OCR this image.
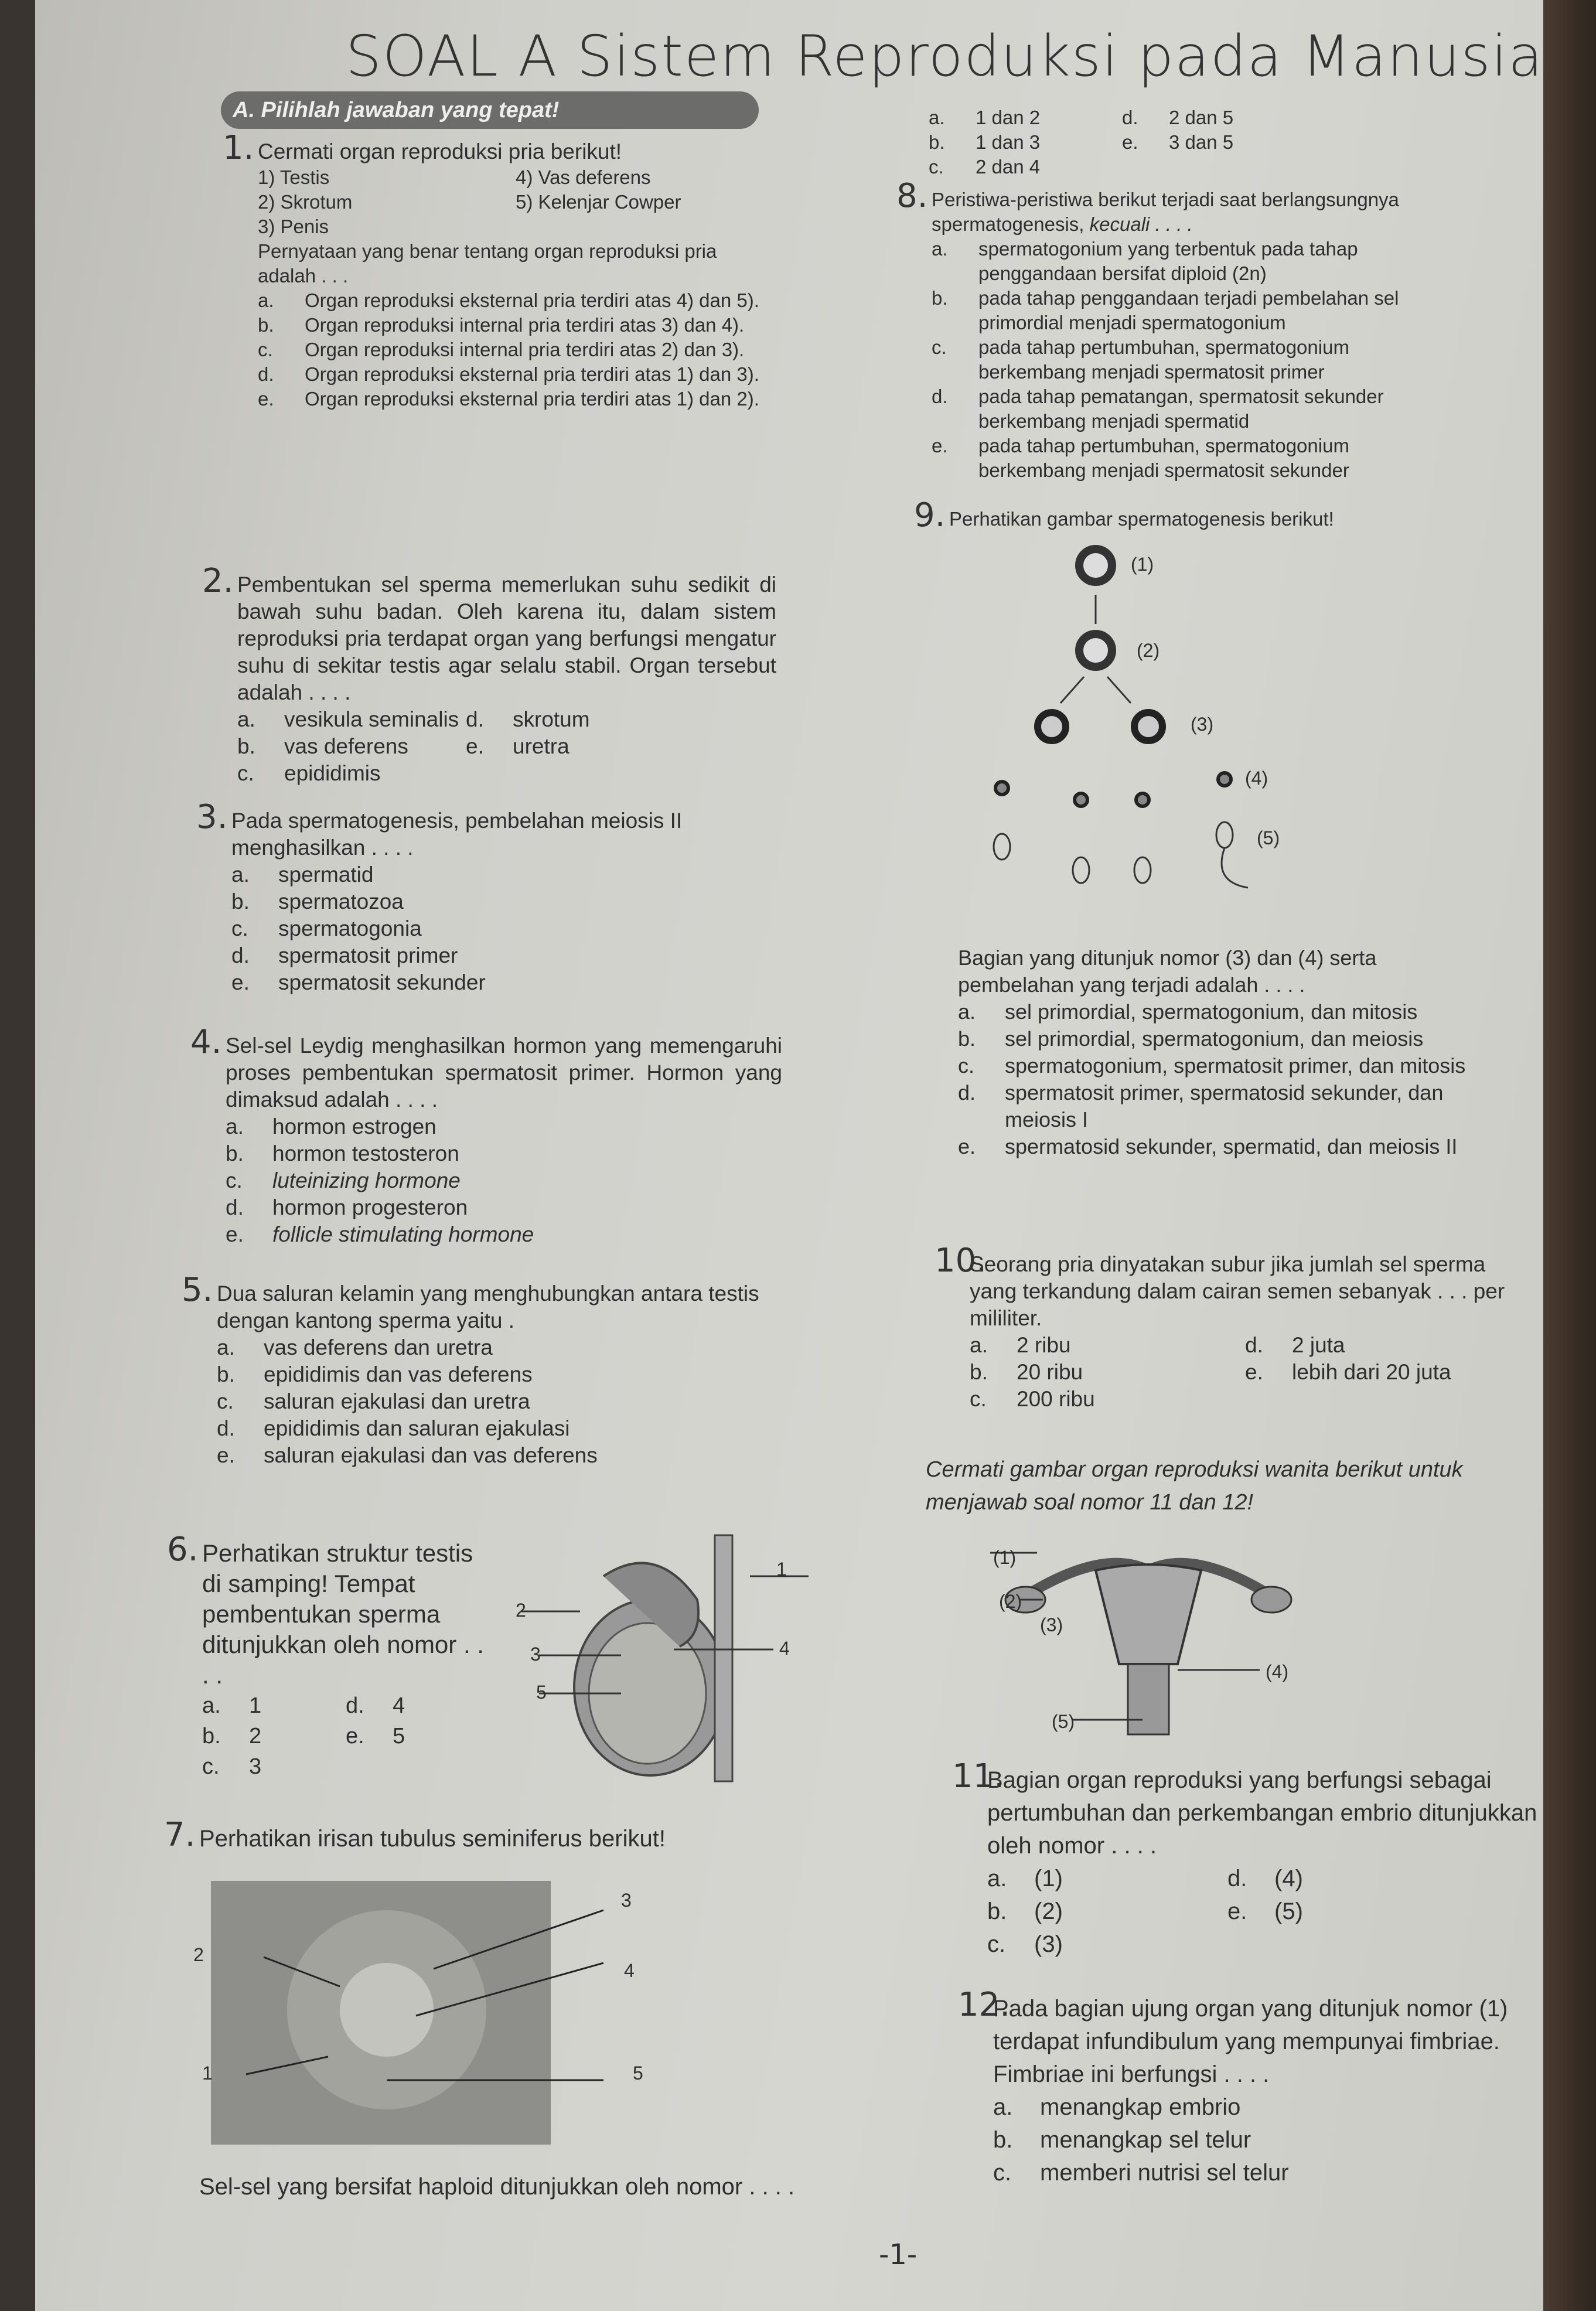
SOAL A Sistem Reproduksi pada Manusia
A. Pilihlah jawaban yang tepat!
1. Cermati organ reproduksi pria berikut!
1) Testis	4) Vas deferens
2) Skrotum	5) Kelenjar Cowper
3) Penis
Pernyataan yang benar tentang organ reproduksi pria adalah . . .
a.	Organ reproduksi eksternal pria terdiri atas 4) dan 5).
b.	Organ reproduksi internal pria terdiri atas 3) dan 4).
c.	Organ reproduksi internal pria terdiri atas 2) dan 3).
d.	Organ reproduksi eksternal pria terdiri atas 1) dan 3).
e.	Organ reproduksi eksternal pria terdiri atas 1) dan 2).
2. Pembentukan sel sperma memerlukan suhu sedikit di bawah suhu badan. Oleh karena itu, dalam sistem reproduksi pria terdapat organ yang berfungsi mengatur suhu di sekitar testis agar selalu stabil. Organ tersebut adalah . . . .
a.	vesikula seminalis d.	skrotum
b.	vas deferens	e.	uretra
c.	epididimis
3. Pada spermatogenesis, pembelahan meiosis II menghasilkan . . . .
a.	spermatid
b.	spermatozoa
c.	spermatogonia
d.	spermatosit primer
e.	spermatosit sekunder
4. Sel-sel Leydig menghasilkan hormon yang memengaruhi proses pembentukan spermatosit primer. Hormon yang dimaksud adalah . . . .
a.	hormon estrogen
b.	hormon testosteron
c.	luteinizing hormone
d.	hormon progesteron
e.	follicle stimulating hormone
5. Dua saluran kelamin yang menghubungkan antara testis dengan kantong sperma yaitu .
a.	vas deferens dan uretra
b.	epididimis dan vas deferens
c.	saluran ejakulasi dan uretra
d.	epididimis dan saluran ejakulasi
e.	saluran ejakulasi dan vas deferens
6. Perhatikan struktur testis di samping! Tempat pembentukan sperma ditunjukkan oleh nomor . . . .
a.	1	d.	4
b.	2	e.	5
c.	3
1
2
3	4
5
7. Perhatikan irisan tubulus seminiferus berikut!
2
1
3
4
5
Sel-sel yang bersifat haploid ditunjukkan oleh nomor . . . .
a.	1 dan 2	d.	2 dan 5
b.	1 dan 3	e.	3 dan 5
c.	2 dan 4
8. Peristiwa-peristiwa berikut terjadi saat berlangsungnya spermatogenesis, kecuali . . . .
a.	spermatogonium yang terbentuk pada tahap penggandaan bersifat diploid (2n)
b.	pada tahap penggandaan terjadi pembelahan sel primordial menjadi spermatogonium
c.	pada tahap pertumbuhan, spermatogonium berkembang menjadi spermatosit primer
d.	pada tahap pematangan, spermatosit sekunder berkembang menjadi spermatid
e.	pada tahap pertumbuhan, spermatogonium berkembang menjadi spermatosit sekunder
9. Perhatikan gambar spermatogenesis berikut!
(1)
(2)
(3)
(4)
(5)
Bagian yang ditunjuk nomor (3) dan (4) serta pembelahan yang terjadi adalah . . . .
a.	sel primordial, spermatogonium, dan mitosis
b.	sel primordial, spermatogonium, dan meiosis
c.	spermatogonium, spermatosit primer, dan mitosis
d.	spermatosit primer, spermatosid sekunder, dan meiosis I
e.	spermatosid sekunder, spermatid, dan meiosis II
10.
Seorang pria dinyatakan subur jika jumlah sel sperma yang terkandung dalam cairan semen sebanyak . . . per mililiter.
a.	2 ribu	d.	2 juta
b.	20 ribu	e.	lebih dari 20 juta
c.	200 ribu
Cermati gambar organ reproduksi wanita berikut untuk menjawab soal nomor 11 dan 12!
(1)
(2)
(3)
(4)
(5)
11.
Bagian organ reproduksi yang berfungsi sebagai pertumbuhan dan perkembangan embrio ditunjukkan oleh nomor . . . .
a.	(1)	d.	(4)
b.	(2)	e.	(5)
c.	(3)
12.
Pada bagian ujung organ yang ditunjuk nomor (1) terdapat infundibulum yang mempunyai fimbriae. Fimbriae ini berfungsi . . . .
a.	menangkap embrio
b.	menangkap sel telur
c.	memberi nutrisi sel telur
-1-
